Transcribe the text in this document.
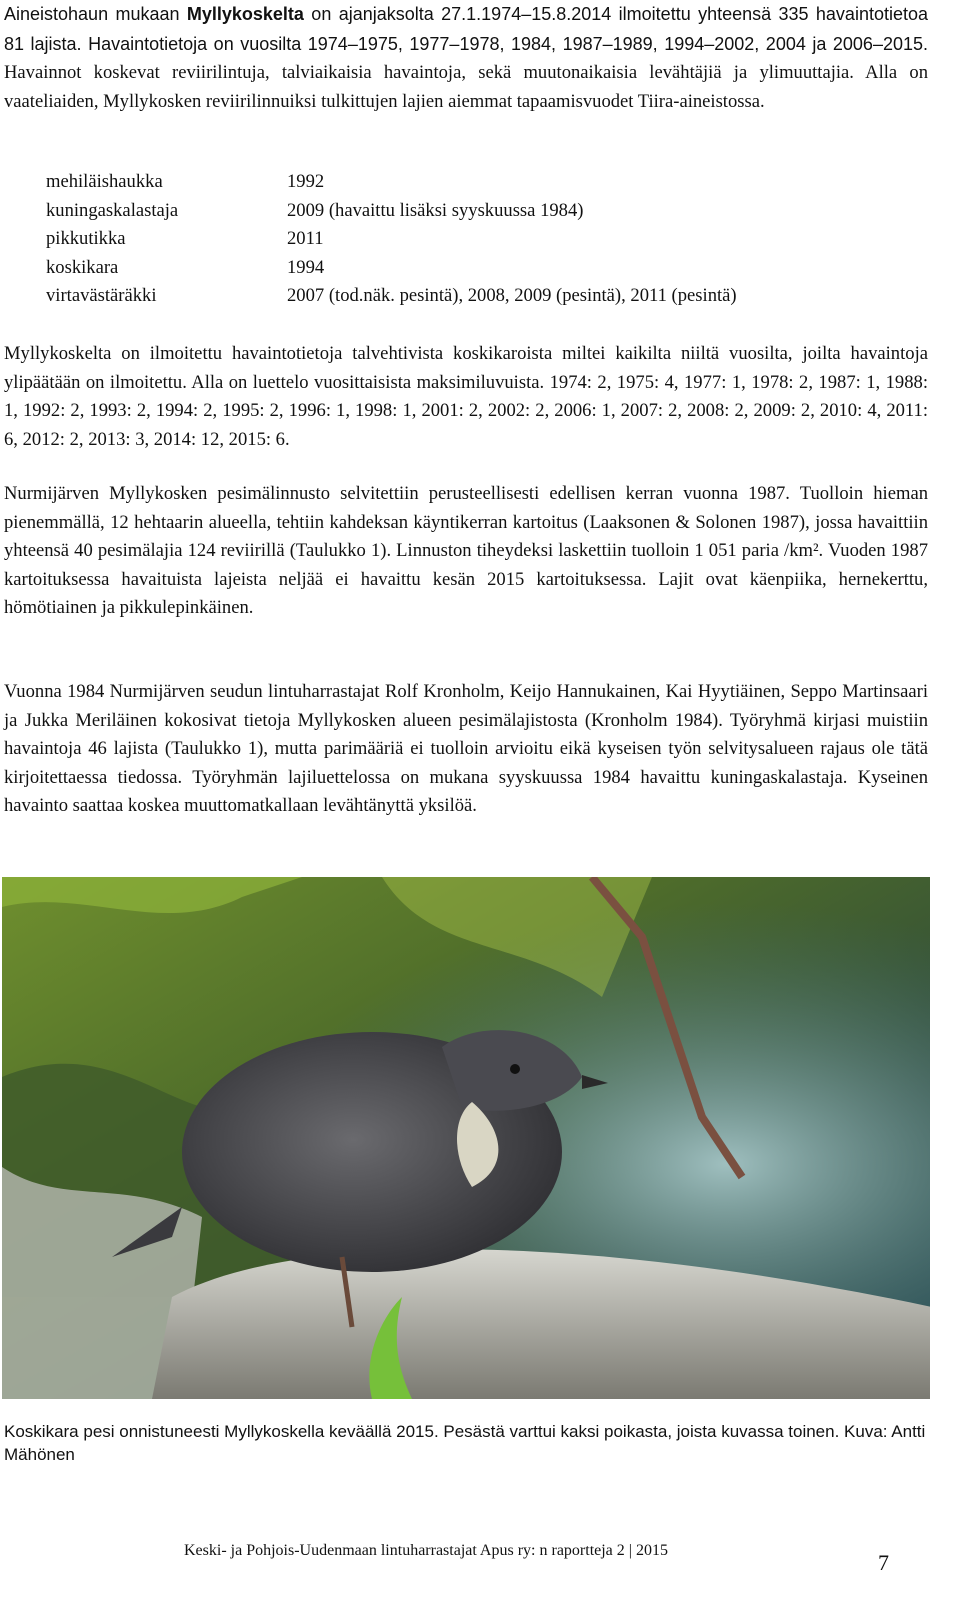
Aineistohaun mukaan Myllykoskelta on ajanjaksolta 27.1.1974–15.8.2014 ilmoitettu yhteensä 335 havaintotietoa 81 lajista. Havaintotietoja on vuosilta 1974–1975, 1977–1978, 1984, 1987–1989, 1994–2002, 2004 ja 2006–2015. Havainnot koskevat reviirilintuja, talviaikaisia havaintoja, sekä muutonaikaisia levähtäjiä ja ylimuuttajia. Alla on vaateliaiden, Myllykosken reviirilinnuiksi tulkittujen lajien aiemmat tapaamisvuodet Tiira-aineistossa.

mehiläishaukka	1992
kuningaskalastaja	2009 (havaittu lisäksi syyskuussa 1984)
pikkutikka	2011
koskikara	1994
virtavästäräkki	2007 (tod.näk. pesintä), 2008, 2009 (pesintä), 2011 (pesintä)

Myllykoskelta on ilmoitettu havaintotietoja talvehtivista koskikaroista miltei kaikilta niiltä vuosilta, joilta havaintoja ylipäätään on ilmoitettu. Alla on luettelo vuosittaisista maksimiluvuista. 1974: 2, 1975: 4, 1977: 1, 1978: 2, 1987: 1, 1988: 1, 1992: 2, 1993: 2, 1994: 2, 1995: 2, 1996: 1, 1998: 1, 2001: 2, 2002: 2, 2006: 1, 2007: 2, 2008: 2, 2009: 2, 2010: 4, 2011: 6, 2012: 2, 2013: 3, 2014: 12, 2015: 6.

Nurmijärven Myllykosken pesimälinnusto selvitettiin perusteellisesti edellisen kerran vuonna 1987. Tuolloin hieman pienemmällä, 12 hehtaarin alueella, tehtiin kahdeksan käyntikerran kartoitus (Laaksonen & Solonen 1987), jossa havaittiin yhteensä 40 pesimälajia 124 reviirillä (Taulukko 1). Linnuston tiheydeksi laskettiin tuolloin 1 051 paria /km². Vuoden 1987 kartoituksessa havaituista lajeista neljää ei havaittu kesän 2015 kartoituksessa. Lajit ovat käenpiika, hernekerttu, hömötiainen ja pikkulepinkäinen.

Vuonna 1984 Nurmijärven seudun lintuharrastajat Rolf Kronholm, Keijo Hannukainen, Kai Hyytiäinen, Seppo Martinsaari ja Jukka Meriläinen kokosivat tietoja Myllykosken alueen pesimälajistosta (Kronholm 1984). Työryhmä kirjasi muistiin havaintoja 46 lajista (Taulukko 1), mutta parimääriä ei tuolloin arvioitu eikä kyseisen työn selvitysalueen rajaus ole tätä kirjoitettaessa tiedossa. Työryhmän lajiluettelossa on mukana syyskuussa 1984 havaittu kuningaskalastaja. Kyseinen havainto saattaa koskea muuttomatkallaan levähtänyttä yksilöä.

Koskikara pesi onnistuneesti Myllykoskella keväällä 2015. Pesästä varttui kaksi poikasta, joista kuvassa toinen. Kuva: Antti Mähönen

Keski- ja Pohjois-Uudenmaan lintuharrastajat Apus ry: n raportteja 2 | 2015	7
